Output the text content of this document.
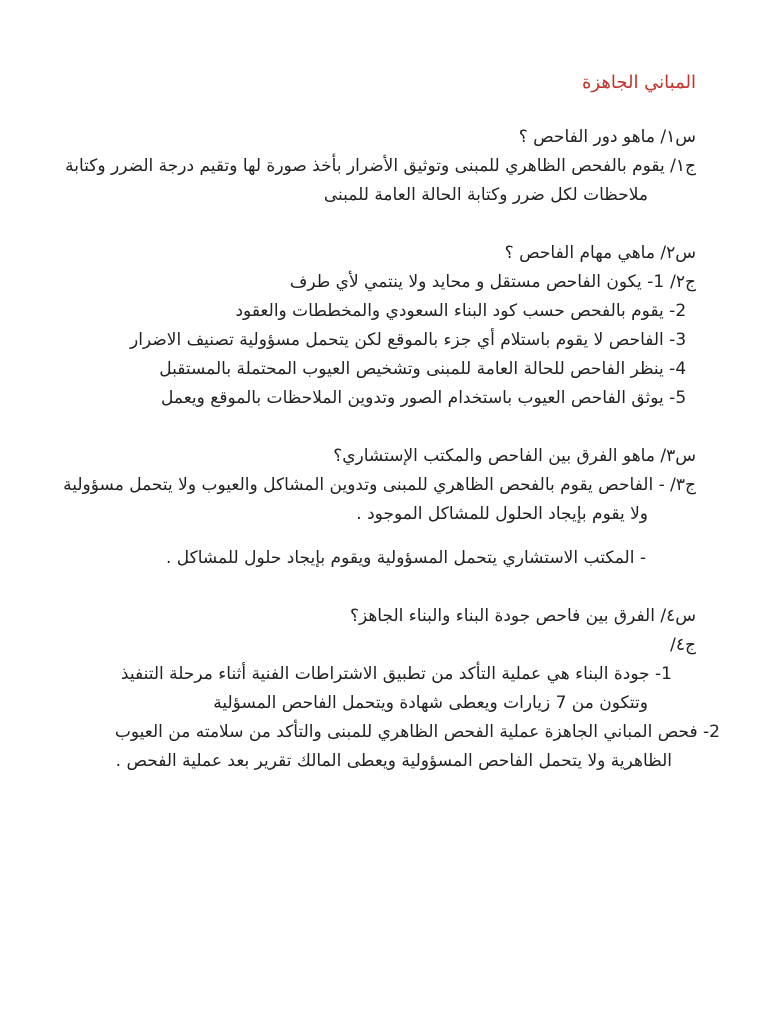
المباني الجاهزة

س١/ ماهو دور الفاحص ؟

ج١/ يقوم بالفحص الظاهري للمبنى وتوثيق الأضرار بأخذ صورة لها وتقيم درجة الضرر وكتابة ملاحظات لكل ضرر وكتابة الحالة العامة للمبنى

س٢/ ماهي مهام الفاحص ؟

ج٢/
1- يكون الفاحص مستقل و محايد ولا ينتمي لأي طرف
2- يقوم بالفحص حسب كود البناء السعودي والمخططات والعقود
3- الفاحص لا يقوم باستلام أي جزء بالموقع لكن يتحمل مسؤولية تصنيف الاضرار
4- ينظر الفاحص للحالة العامة للمبنى وتشخيص العيوب المحتملة بالمستقبل
5- يوثق الفاحص العيوب باستخدام الصور وتدوين الملاحظات بالموقع ويعمل

س٣/ ماهو الفرق بين الفاحص والمكتب الإستشاري؟

ج٣/ - الفاحص يقوم بالفحص الظاهري للمبنى وتدوين المشاكل والعيوب ولا يتحمل مسؤولية ولا يقوم بإيجاد الحلول للمشاكل الموجود .

- المكتب الاستشاري يتحمل المسؤولية ويقوم بإيجاد حلول للمشاكل .

س٤/ الفرق بين فاحص جودة البناء والبناء الجاهز؟

ج٤/

1- جودة البناء هي عملية التأكد من تطبيق الاشتراطات الفنية أثناء مرحلة التنفيذ وتتكون من 7 زيارات ويعطى شهادة ويتحمل الفاحص المسؤلية
2- فحص المباني الجاهزة عملية الفحص الظاهري للمبنى والتأكد من سلامته من العيوب الظاهرية ولا يتحمل الفاحص المسؤولية ويعطى المالك تقرير بعد عملية الفحص .
